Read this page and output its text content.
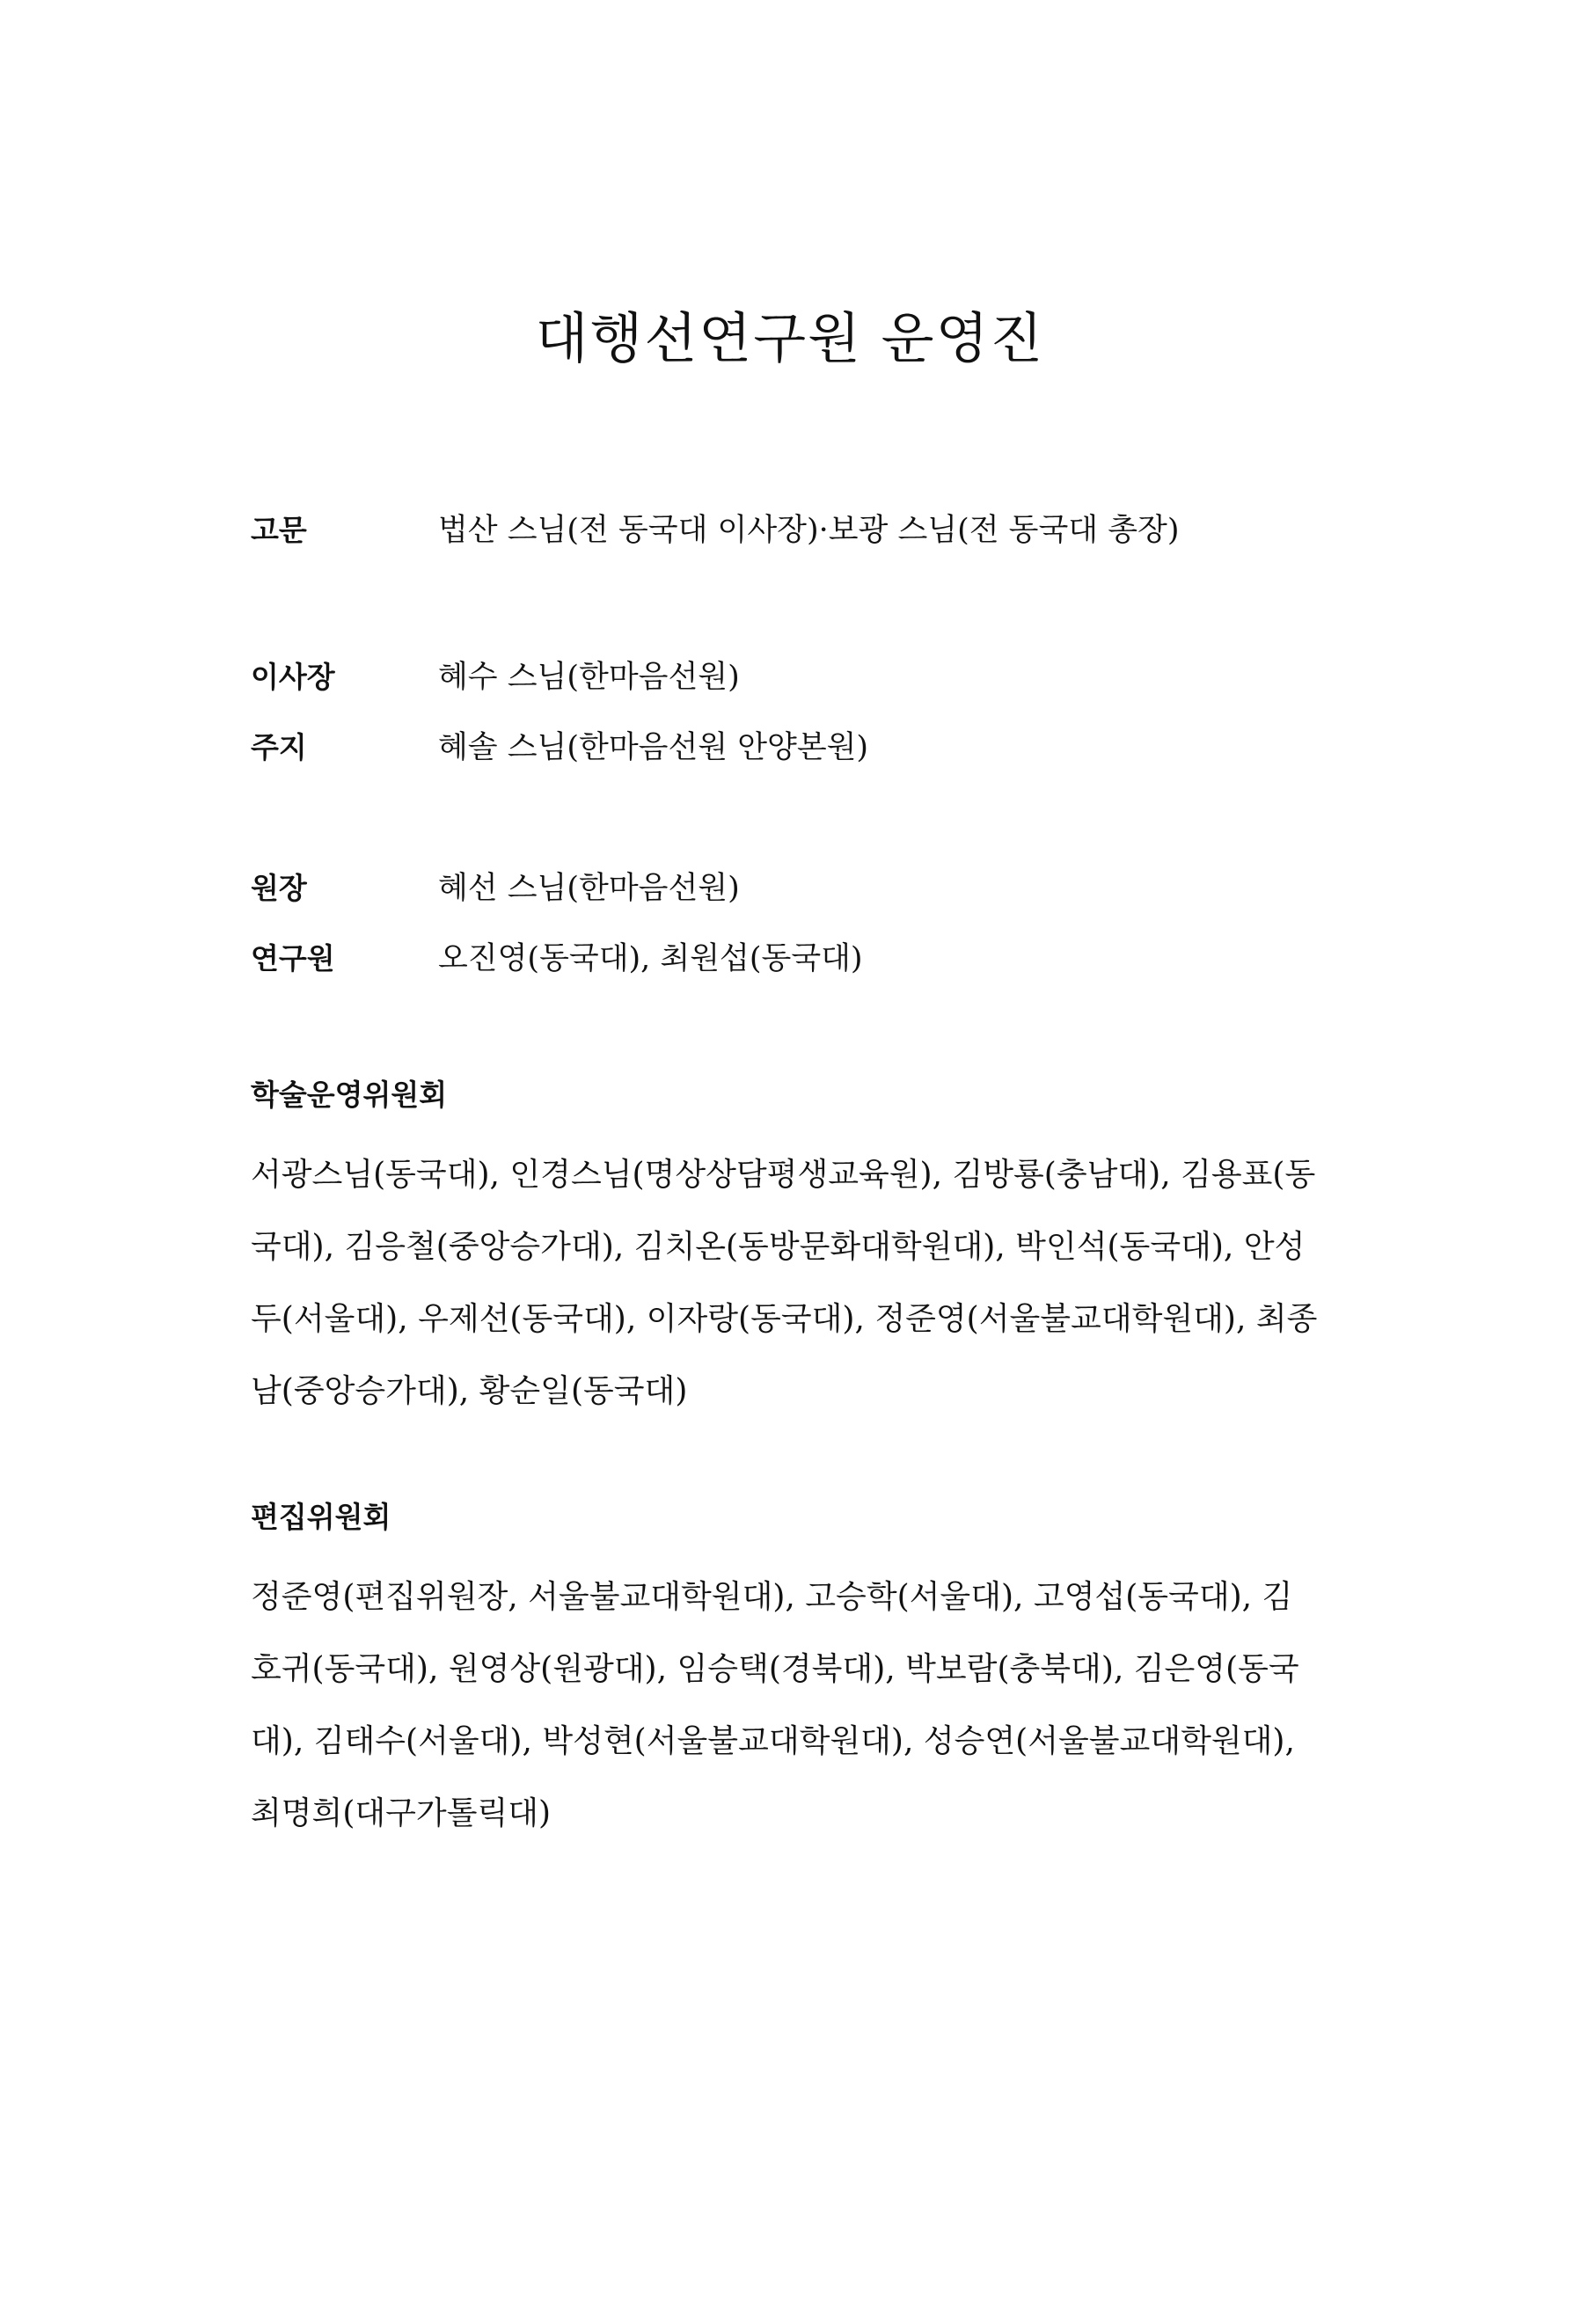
대행선연구원 운영진
고문	법산 스님(전 동국대 이사장)·보광 스님(전 동국대 총장)
이사장	혜수 스님(한마음선원)
주지	혜솔 스님(한마음선원 안양본원)
원장	혜선 스님(한마음선원)
연구원	오진영(동국대), 최원섭(동국대)
학술운영위원회

서광스님(동국대), 인경스님(명상상담평생교육원), 김방룡(충남대), 김용표(동
국대), 김응철(중앙승가대), 김치온(동방문화대학원대), 박인석(동국대), 안성
두(서울대), 우제선(동국대), 이자랑(동국대), 정준영(서울불교대학원대), 최종
남(중앙승가대), 황순일(동국대)

편집위원회

정준영(편집위원장, 서울불교대학원대), 고승학(서울대), 고영섭(동국대), 김
호귀(동국대), 원영상(원광대), 임승택(경북대), 박보람(충북대), 김은영(동국
대), 김태수(서울대), 박성현(서울불교대학원대), 성승연(서울불교대학원대),
최명희(대구가톨릭대)
